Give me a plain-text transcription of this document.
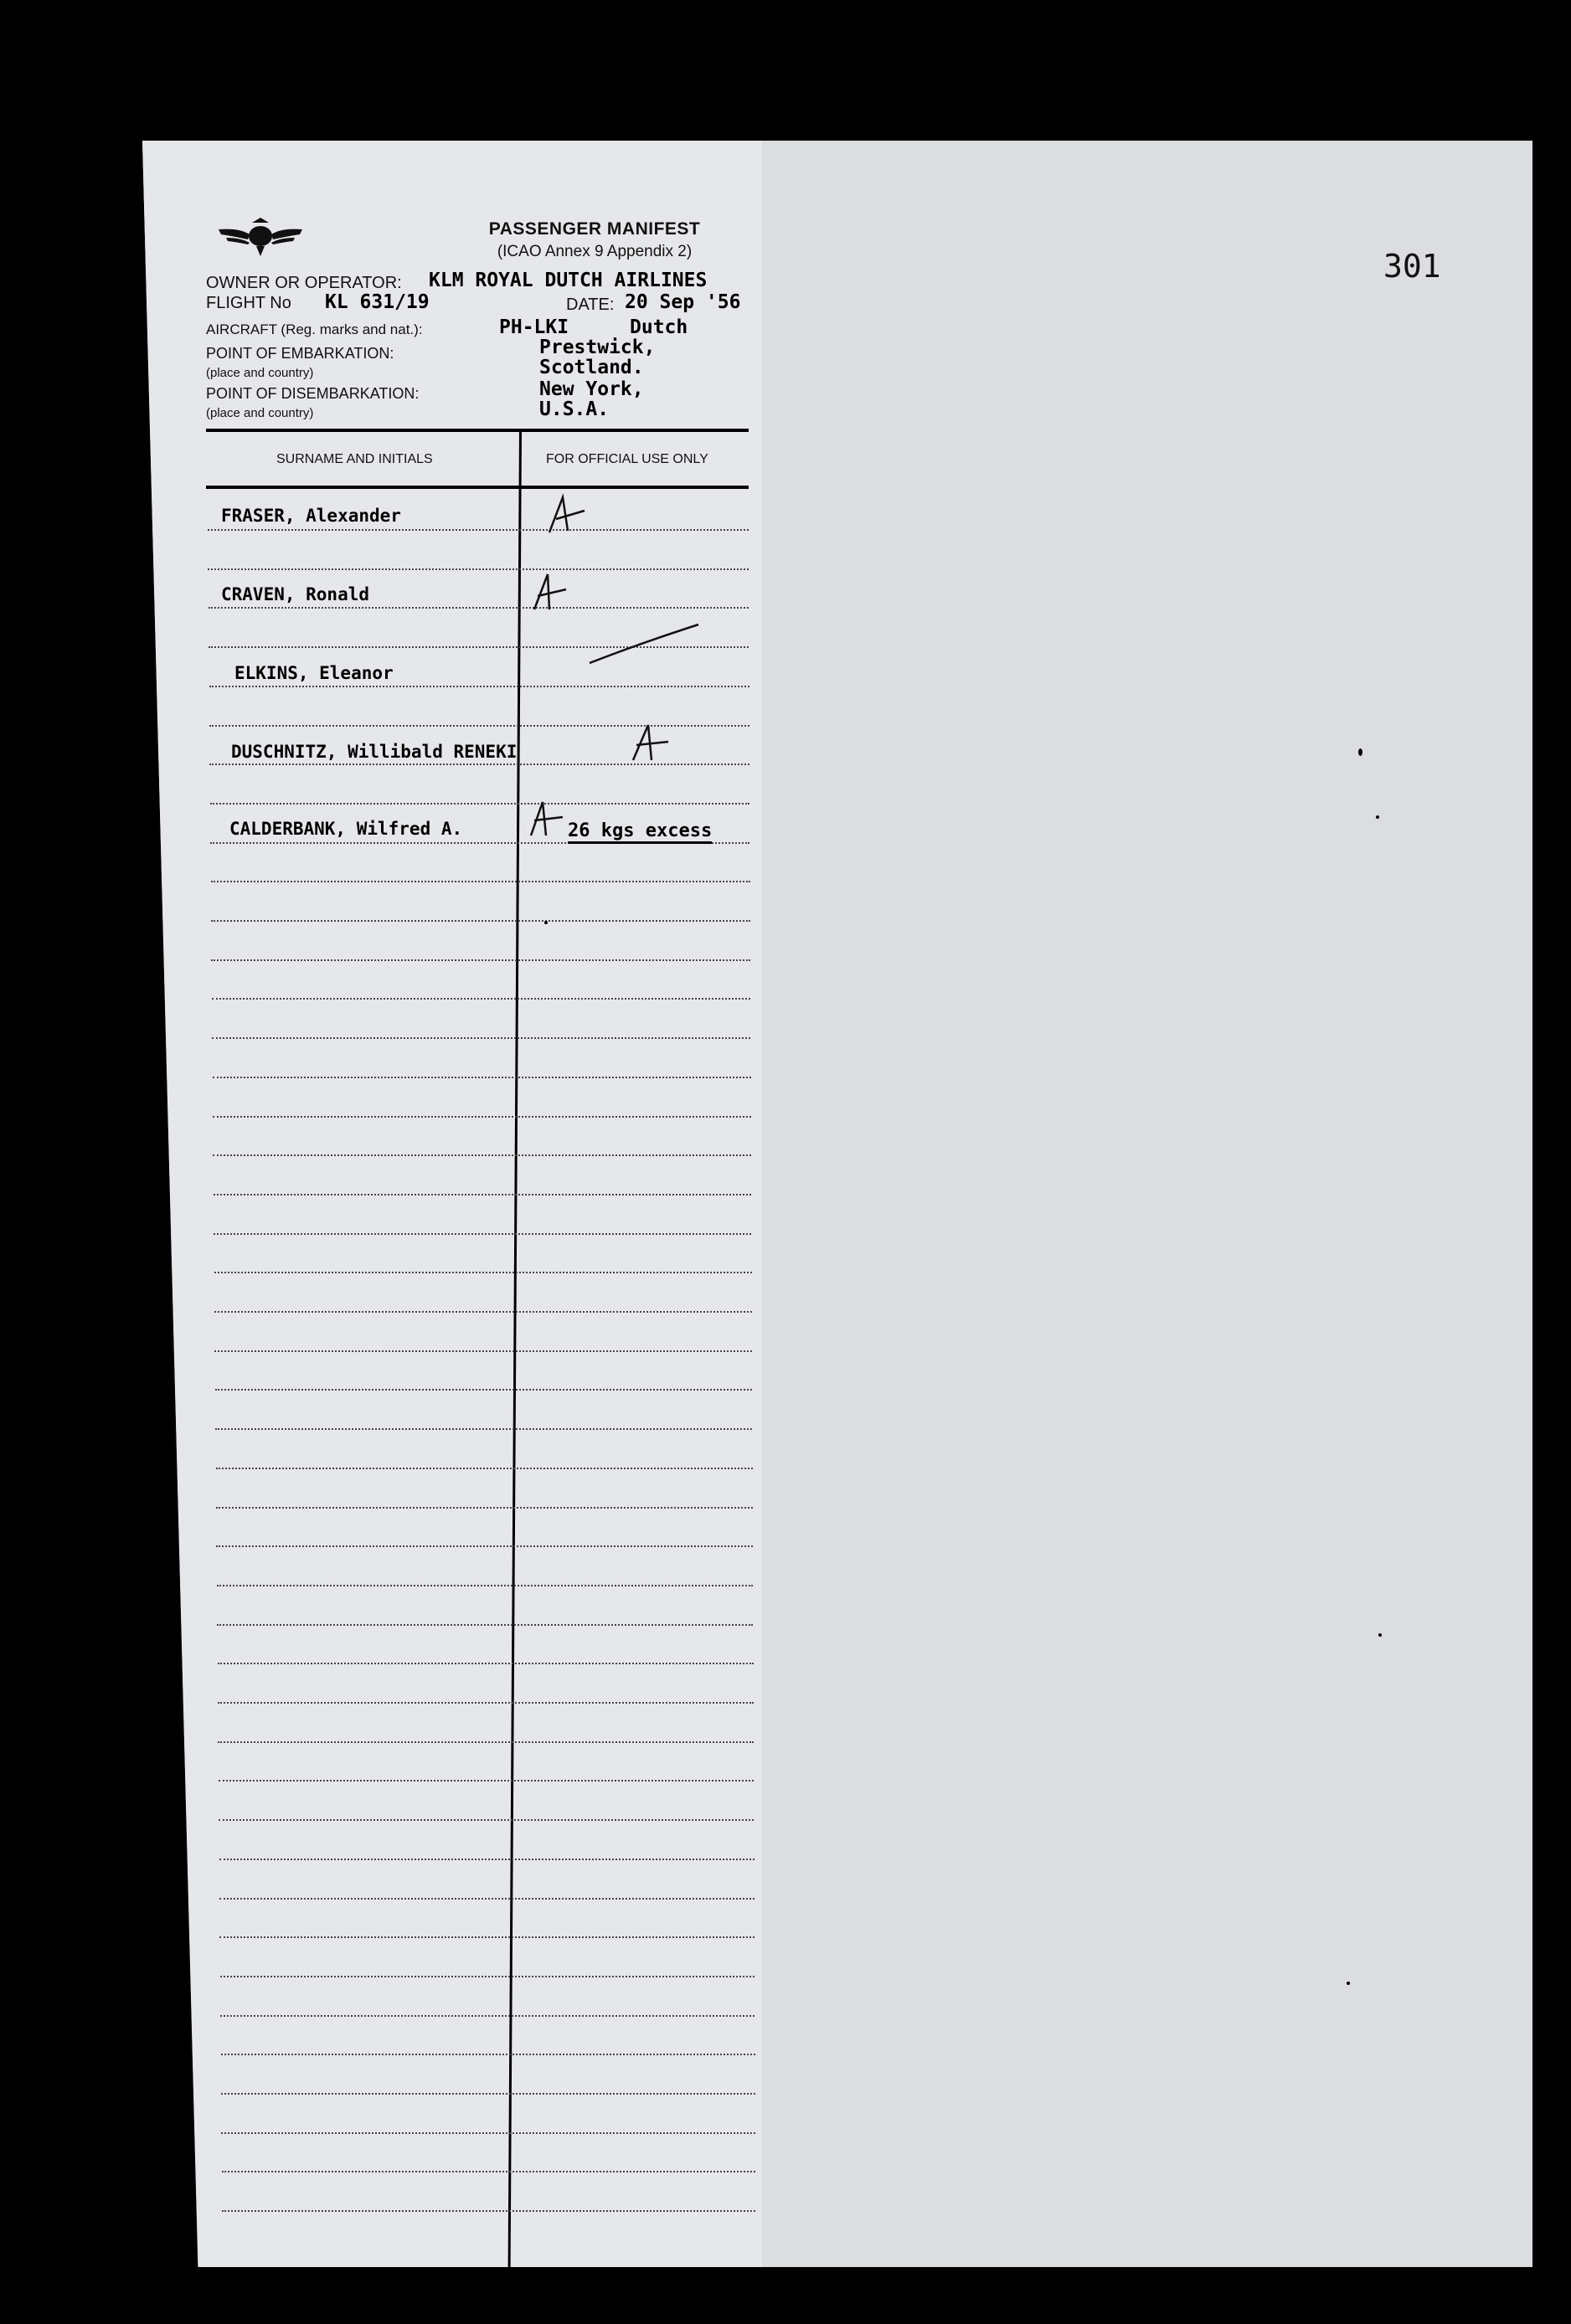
301
PASSENGER MANIFEST
(ICAO Annex 9 Appendix 2)
OWNER OR OPERATOR: KLM ROYAL DUTCH AIRLINES
FLIGHT No KL 631/19	DATE: 20 Sep '56
AIRCRAFT (Reg. marks and nat.):	PH-LKI	Dutch
POINT OF EMBARKATION:
(place and country)
Prestwick,
Scotland.
POINT OF DISEMBARKATION:
(place and country)
New York,
U.S.A.
SURNAME AND INITIALS	FOR OFFICIAL USE ONLY
FRASER, Alexander
CRAVEN, Ronald
ELKINS, Eleanor
DUSCHNITZ, Willibald RENEKI
CALDERBANK, Wilfred A.	26 kgs excess
